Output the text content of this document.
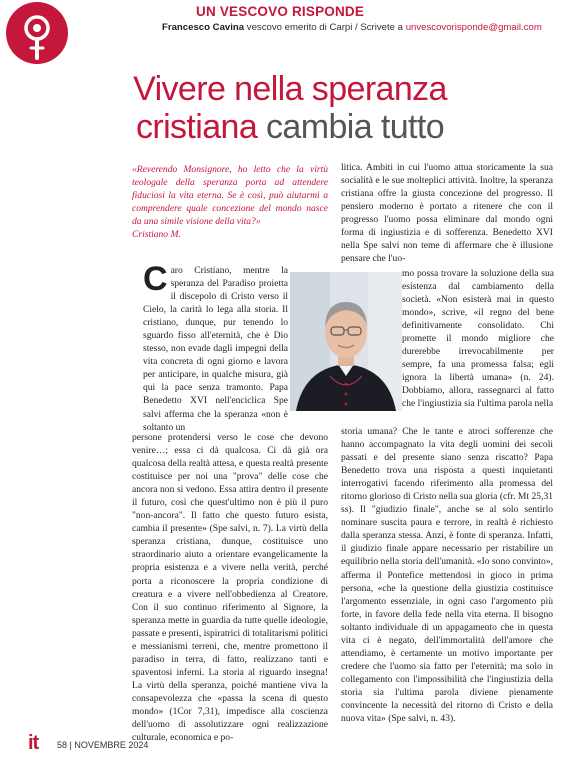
UN VESCOVO RISPONDE
Francesco Cavina vescovo emerito di Carpi / Scrivete a unvescovorisponde@gmail.com
Vivere nella speranza
cristiana cambia tutto

«Reverendo Monsignore, ho letto che la virtù teologale della speranza porta ad attendere fiduciosi la vita eterna. Se è così, può aiutarmi a comprendere quale concezione del mondo nasce da una simile visione della vita?»

Cristiano M.

litica. Ambiti in cui l'uomo attua storicamente la sua socialità e le sue molteplici attività. Inoltre, la speranza cristiana offre la giusta concezione del progresso. Il pensiero moderno è portato a ritenere che con il progresso l'uomo possa eliminare dal mondo ogni forma di ingiustizia e di sofferenza. Benedetto XVI nella Spe salvi non teme di affermare che è illusione pensare che l'uo-

Caro Cristiano, mentre la speranza del Paradiso proietta il discepolo di Cristo verso il Cielo, la carità lo lega alla storia. Il cristiano, dunque, pur tenendo lo sguardo fisso all'eternità, che è Dio stesso, non evade dagli impegni della vita concreta di ogni giorno e lavora per anticipare, in qualche misura, già qui la pace senza tramonto. Papa Benedetto XVI nell'enciclica Spe salvi afferma che la speranza «non è soltanto un

mo possa trovare la soluzione della sua esistenza dal cambiamento della società. «Non esisterà mai in questo mondo», scrive, «il regno del bene definitivamente consolidato. Chi promette il mondo migliore che durerebbe irrevocabilmente per sempre, fa una promessa falsa; egli ignora la libertà umana» (n. 24). Dobbiamo, allora, rassegnarci al fatto che l'ingiustizia sia l'ultima parola nella

persone protendersi verso le cose che devono venire…; essa ci dà qualcosa. Ci dà già ora qualcosa della realtà attesa, e questa realtà presente costituisce per noi una "prova" delle cose che ancora non si vedono. Essa attira dentro il presente il futuro, così che quest'ultimo non è più il puro "non-ancora". Il fatto che questo futuro esista, cambia il presente» (Spe salvi, n. 7). La virtù della speranza cristiana, dunque, costituisce uno straordinario aiuto a orientare evangelicamente la propria esistenza e a vivere nella verità, perché porta a riconoscere la propria condizione di creatura e a vivere nell'obbedienza al Creatore. Con il suo continuo riferimento al Signore, la speranza mette in guardia da tutte quelle ideologie, passate e presenti, ispiratrici di totalitarismi politici e messianismi terreni, che, mentre promettono il paradiso in terra, di fatto, realizzano tanti e spaventosi inferni. La storia al riguardo insegna! La virtù della speranza, poiché mantiene viva la consapevolezza che «passa la scena di questo mondo» (1Cor 7,31), impedisce alla coscienza dell'uomo di assolutizzare ogni realizzazione culturale, economica e po-

it 58 | NOVEMBRE 2024
storia umana? Che le tante e atroci sofferenze che hanno accompagnato la vita degli uomini dei secoli passati e del presente siano senza riscatto? Papa Benedetto trova una risposta a questi inquietanti interrogativi facendo riferimento alla promessa del ritorno glorioso di Cristo nella sua gloria (cfr. Mt 25,31 ss). Il "giudizio finale", anche se al solo sentirlo nominare suscita paura e terrore, in realtà è richiesto dalla speranza stessa. Anzi, è fonte di speranza. Infatti, il giudizio finale appare necessario per ristabilire un equilibrio nella storia dell'umanità. «Io sono convinto», afferma il Pontefice mettendosi in gioco in prima persona, «che la questione della giustizia costituisce l'argomento essenziale, in ogni caso l'argomento più forte, in favore della fede nella vita eterna. Il bisogno soltanto individuale di un appagamento che in questa vita ci è negato, dell'immortalità dell'amore che attendiamo, è certamente un motivo importante per credere che l'uomo sia fatto per l'eternità; ma solo in collegamento con l'impossibilità che l'ingiustizia della storia sia l'ultima parola diviene pienamente convincente la necessità del ritorno di Cristo e della nuova vita» (Spe salvi, n. 43).
